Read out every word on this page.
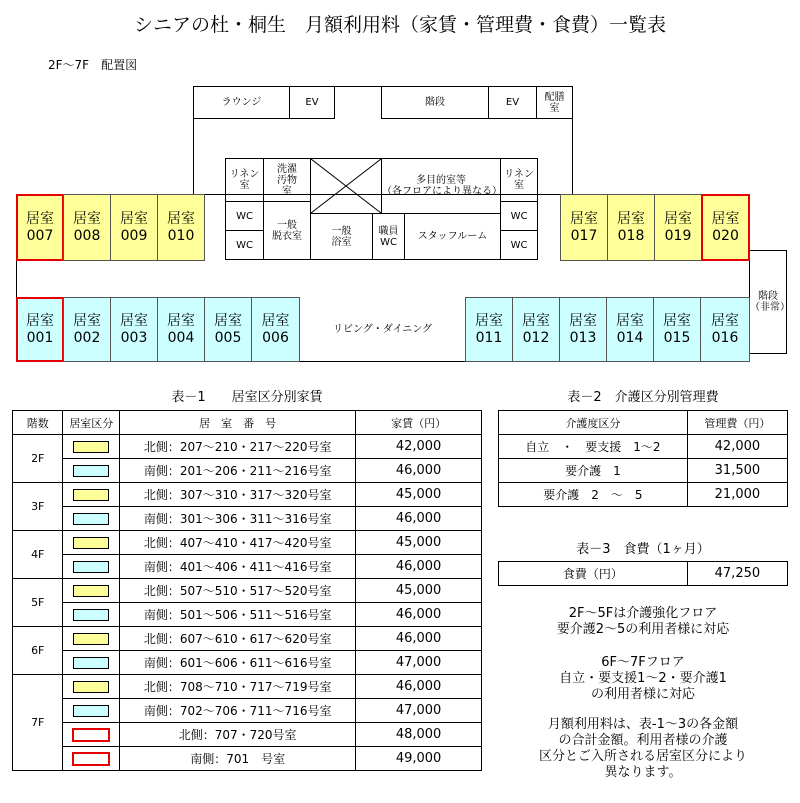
シニアの杜・桐生　月額利用料（家賃・管理費・食費）一覧表
2F～7F　配置図
階段
（非常）
ラウンジ	EV	階段	EV	配膳
室
リネン
室
洗濯
汚物
室
WC
WC
一般
脱衣室	一般
浴室
多目的室等
（各フロアにより異なる）
職員
WC	スタッフルーム
リネン
室
WC
WC
居室
007
居室
008
居室
009
居室
010
居室
017
居室
018
居室
019
居室
020
リビング・ダイニング
居室
001
居室
002
居室
003
居室
004
居室
005
居室
006
居室
011
居室
012
居室
013
居室
014
居室
015
居室
016
表－1　　居室区分別家賃
階数	居室区分	居　室　番　号	家賃（円）
2F		北側：207～210・217～220号室	42,000
		南側：201～206・211～216号室	46,000
3F		北側：307～310・317～320号室	45,000
		南側：301～306・311～316号室	46,000
4F		北側：407～410・417～420号室	45,000
		南側：401～406・411～416号室	46,000
5F		北側：507～510・517～520号室	45,000
		南側：501～506・511～516号室	46,000
6F		北側：607～610・617～620号室	46,000
		南側：601～606・611～616号室	47,000
7F		北側：708～710・717～719号室	46,000
		南側：702～706・711～716号室	47,000
		北側：707・720号室	48,000
		南側：701　号室	49,000
表－2　介護区分別管理費
介護度区分	管理費（円）
自立　・　要支援　1～2	42,000
要介護　1	31,500
要介護　2　～　5	21,000
表－3　食費（1ヶ月）
食費（円）	47,250
2F～5Fは介護強化フロア
要介護2～5の利用者様に対応
6F～7Fフロア
自立・要支援1～2・要介護1
の利用者様に対応
月額利用料は、表-1～3の各金額
の合計金額。利用者様の介護
区分とご入所される居室区分により
異なります。
